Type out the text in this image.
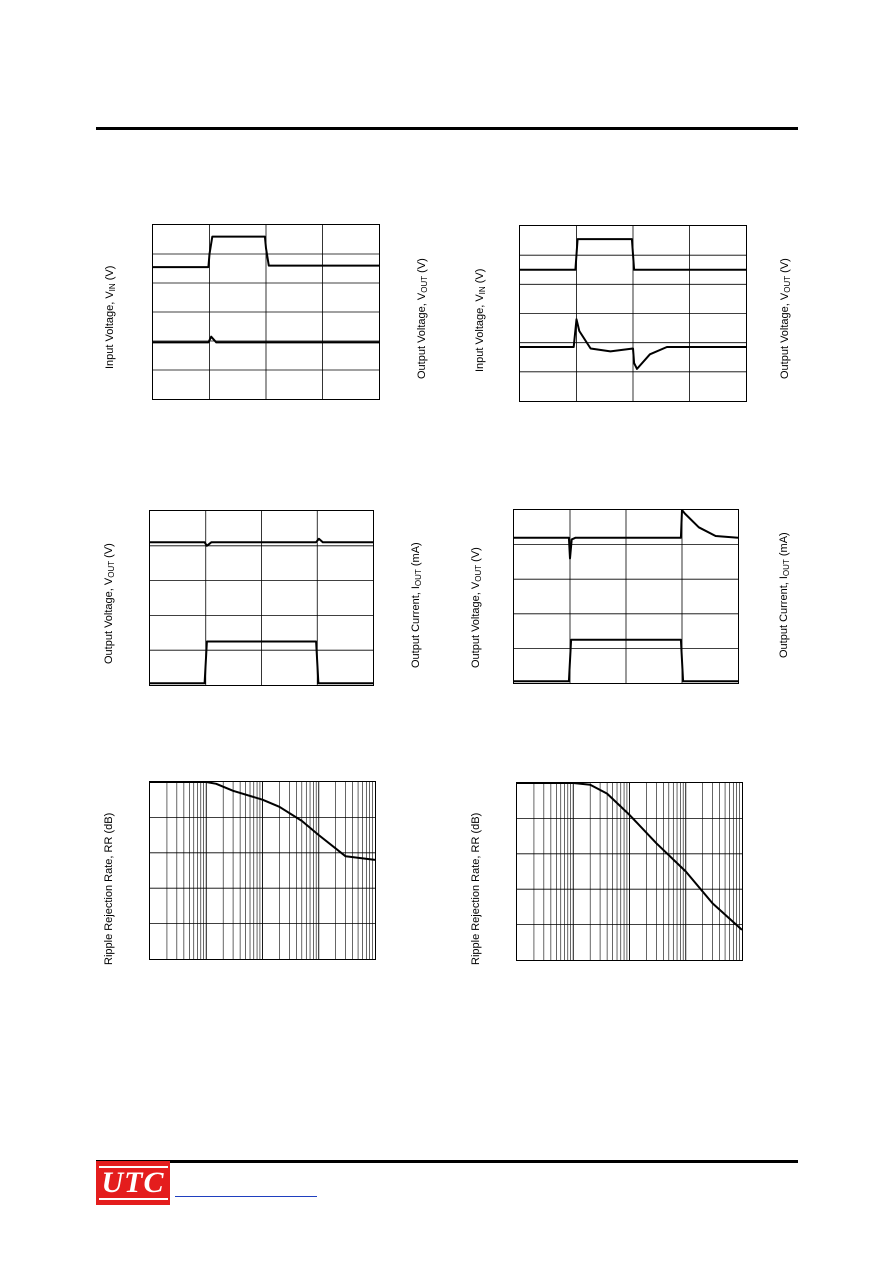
Input Voltage, $V_{IN}$ (V)
Output Voltage, $V_{OUT}$ (V)
Input Voltage, $V_{IN}$ (V)
Output Voltage, $V_{OUT}$ (V)
Output Voltage, $V_{OUT}$ (V)
Output Current, $I_{OUT}$ (mA)
Output Voltage, $V_{OUT}$ (V)
Output Current, $I_{OUT}$ (mA)
Ripple Rejection Rate, RR (dB)	Ripple Rejection Rate, RR (dB)
UTC
